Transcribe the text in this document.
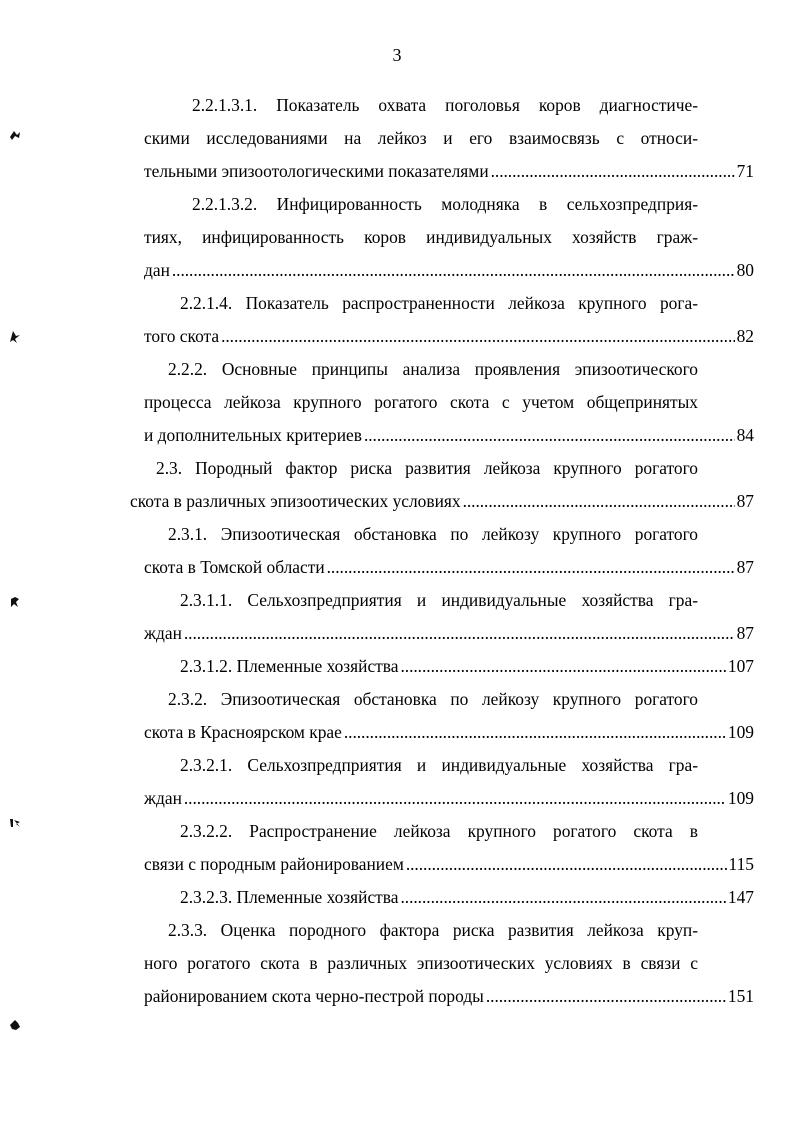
3
2.2.1.3.1. Показатель охвата поголовья коров диагностиче-
скими исследованиями на лейкоз и его взаимосвязь с относи-
тельными эпизоотологическими показателями . . .	71
2.2.1.3.2. Инфицированность молодняка в сельхозпредприя-
тиях, инфицированность коров индивидуальных хозяйств граж-
дан . . .	80
2.2.1.4. Показатель распространенности лейкоза крупного рога-
того скота . . .	82
2.2.2. Основные принципы анализа проявления эпизоотического
процесса лейкоза крупного рогатого скота с учетом общепринятых
и дополнительных критериев . . .	84
2.3. Породный фактор риска развития лейкоза крупного рогатого
скота в различных эпизоотических условиях . . .	87
2.3.1. Эпизоотическая обстановка по лейкозу крупного рогатого
скота в Томской области . . .	87
2.3.1.1. Сельхозпредприятия и индивидуальные хозяйства гра-
ждан . . .	87
2.3.1.2. Племенные хозяйства . . .	107
2.3.2. Эпизоотическая обстановка по лейкозу крупного рогатого
скота в Красноярском крае . . .	109
2.3.2.1. Сельхозпредприятия и индивидуальные хозяйства гра-
ждан . . .	109
2.3.2.2. Распространение лейкоза крупного рогатого скота в
связи с породным районированием . . .	115
2.3.2.3. Племенные хозяйства . . .	147
2.3.3. Оценка породного фактора риска развития лейкоза круп-
ного рогатого скота в различных эпизоотических условиях в связи с
районированием скота черно-пестрой породы . . .	151
